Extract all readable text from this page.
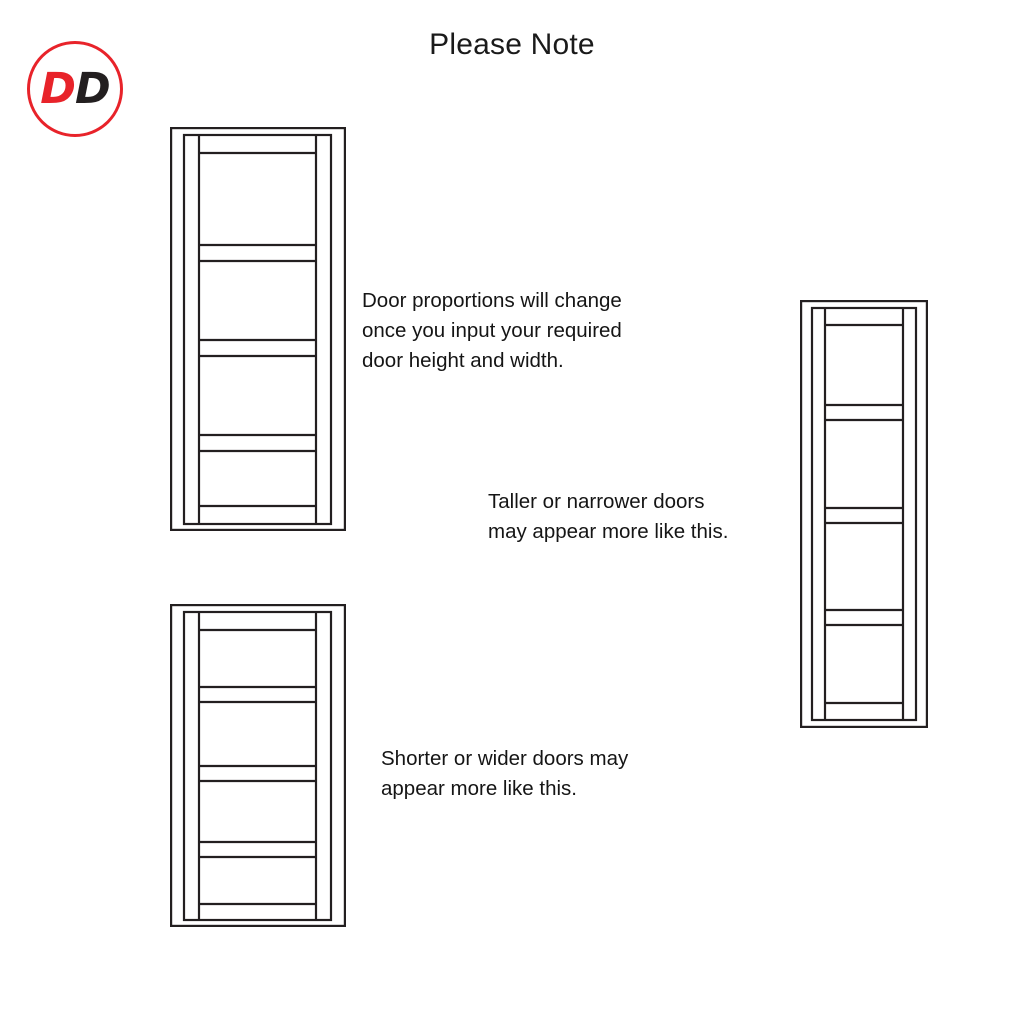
D D
Please Note
Door proportions will change
once you input your required
door height and width.
Taller or narrower doors
may appear more like this.
Shorter or wider doors may
appear more like this.
